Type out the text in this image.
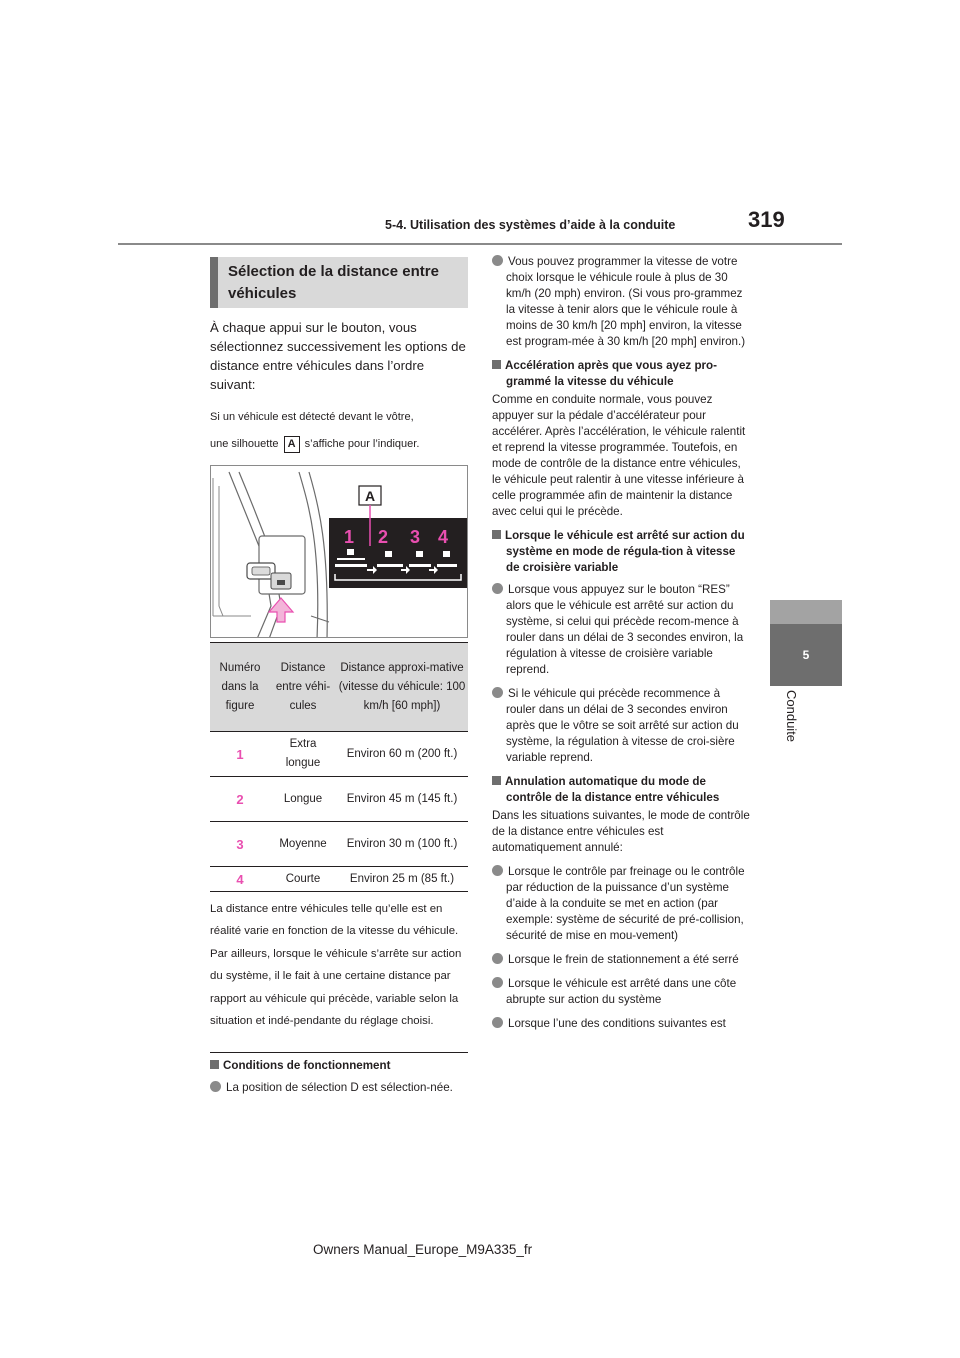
5-4. Utilisation des systèmes d’aide à la conduite	319
5
Conduite
Sélection de la distance entre
véhicules
À chaque appui sur le bouton, vous sélectionnez successivement les options de distance entre véhicules dans l’ordre suivant:
Si un véhicule est détecté devant le vôtre,
une silhouette A s’affiche pour l’indiquer.
A
1 2 3 4
Numéro dans la figure	Distance entre véhi-cules	Distance approxi-mative (vitesse du véhicule: 100 km/h [60 mph])
1	Extra longue	Environ 60 m (200 ft.)
2	Longue	Environ 45 m (145 ft.)
3	Moyenne	Environ 30 m (100 ft.)
4	Courte	Environ 25 m (85 ft.)
La distance entre véhicules telle qu’elle est en réalité varie en fonction de la vitesse du véhicule. Par ailleurs, lorsque le véhicule s’arrête sur action du système, il le fait à une certaine distance par rapport au véhicule qui précède, variable selon la situation et indé-pendante du réglage choisi.
Conditions de fonctionnement
La position de sélection D est sélection-née.

Vous pouvez programmer la vitesse de votre choix lorsque le véhicule roule à plus de 30 km/h (20 mph) environ. (Si vous pro-grammez la vitesse à tenir alors que le véhicule roule à moins de 30 km/h [20 mph] environ, la vitesse est program-mée à 30 km/h [20 mph] environ.)

Accélération après que vous ayez pro-grammé la vitesse du véhicule

Comme en conduite normale, vous pouvez appuyer sur la pédale d’accélérateur pour accélérer. Après l’accélération, le véhicule ralentit et reprend la vitesse programmée. Toutefois, en mode de contrôle de la distance entre véhicules, le véhicule peut ralentir à une vitesse inférieure à celle programmée afin de maintenir la distance avec celui qui le précède.

Lorsque le véhicule est arrêté sur action du système en mode de régula-tion à vitesse de croisière variable

Lorsque vous appuyez sur le bouton “RES” alors que le véhicule est arrêté sur action du système, si celui qui précède recom-mence à rouler dans un délai de 3 secondes environ, la régulation à vitesse de croisière variable reprend.

Si le véhicule qui précède recommence à rouler dans un délai de 3 secondes environ après que le vôtre se soit arrêté sur action du système, la régulation à vitesse de croi-sière variable reprend.

Annulation automatique du mode de contrôle de la distance entre véhicules

Dans les situations suivantes, le mode de contrôle de la distance entre véhicules est automatiquement annulé:

Lorsque le contrôle par freinage ou le contrôle par réduction de la puissance d’un système d’aide à la conduite se met en action (par exemple: système de sécurité de pré-collision, sécurité de mise en mou-vement)

Lorsque le frein de stationnement a été serré

Lorsque le véhicule est arrêté dans une côte abrupte sur action du système

Lorsque l’une des conditions suivantes est

Owners Manual_Europe_M9A335_fr
